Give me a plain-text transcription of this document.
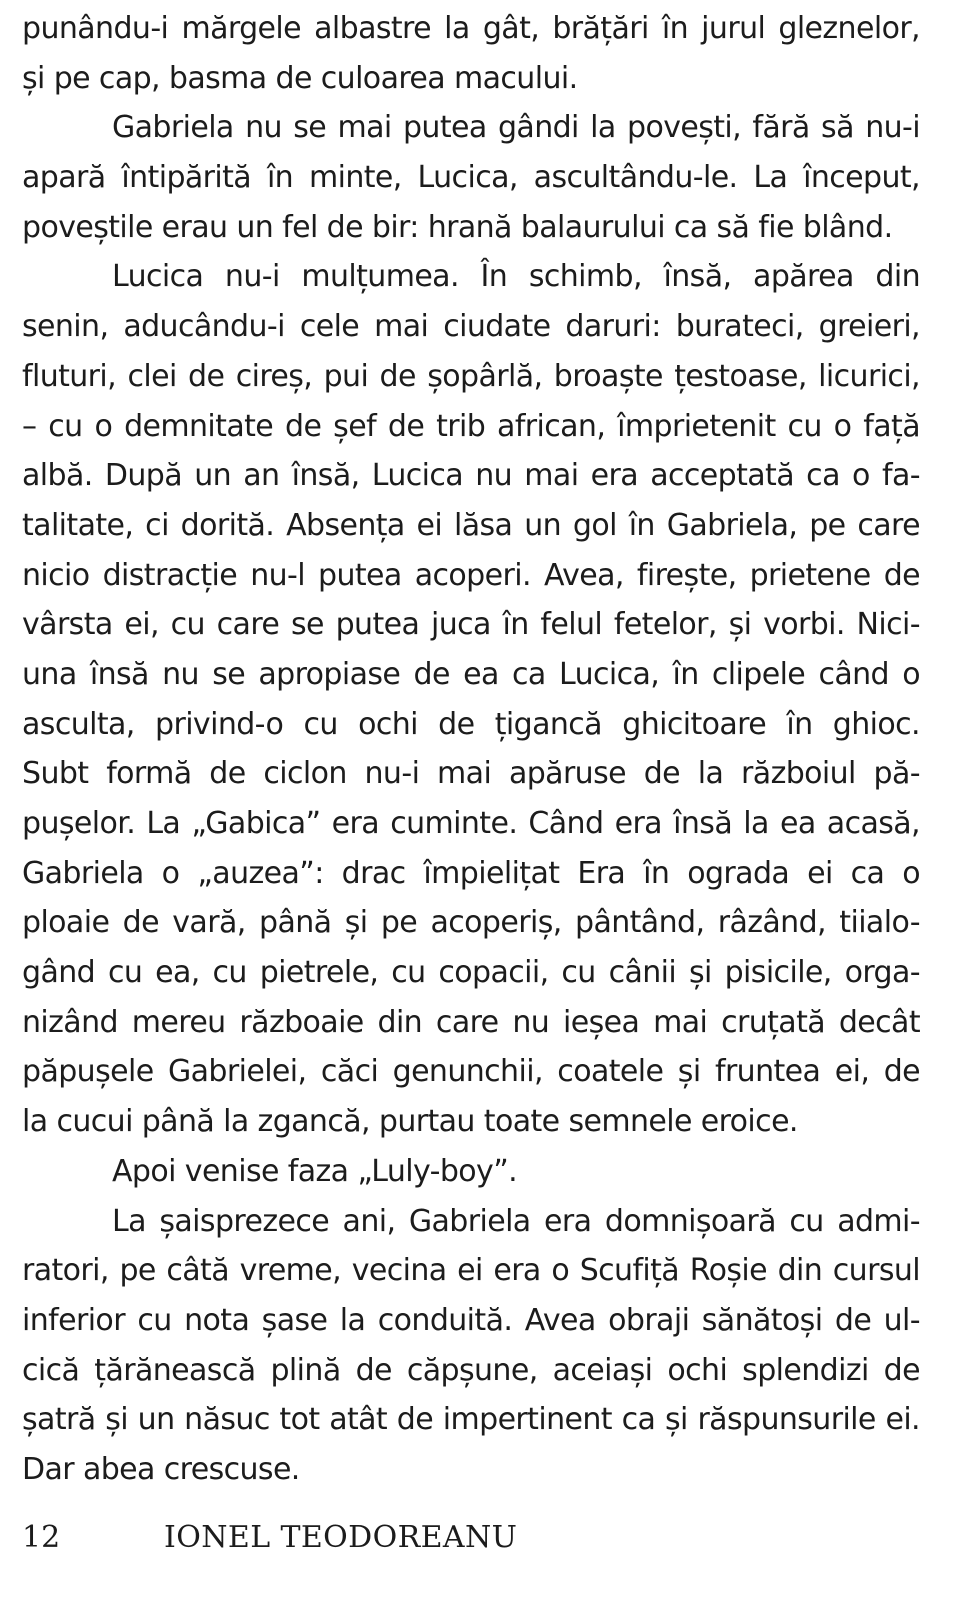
punându-i mărgele albastre la gât, brățări în jurul gleznelor,
și pe cap, basma de culoarea macului.
Gabriela nu se mai putea gândi la povești, fără să nu-i
apară întipărită în minte, Lucica, ascultându-le. La început,
poveștile erau un fel de bir: hrană balaurului ca să fie blând.
Lucica nu-i mulțumea. În schimb, însă, apărea din
senin, aducându-i cele mai ciudate daruri: burateci, greieri,
fluturi, clei de cireș, pui de șopârlă, broaște țestoase, licurici,
– cu o demnitate de șef de trib african, împrietenit cu o față
albă. După un an însă, Lucica nu mai era acceptată ca o fa-
talitate, ci dorită. Absența ei lăsa un gol în Gabriela, pe care
nicio distracție nu-l putea acoperi. Avea, firește, prietene de
vârsta ei, cu care se putea juca în felul fetelor, și vorbi. Nici-
una însă nu se apropiase de ea ca Lucica, în clipele când o
asculta, privind-o cu ochi de țigancă ghicitoare în ghioc.
Subt formă de ciclon nu-i mai apăruse de la războiul pă-
pușelor. La „Gabica” era cuminte. Când era însă la ea acasă,
Gabriela o „auzea”: drac împielițat Era în ograda ei ca o
ploaie de vară, până și pe acoperiș, pântând, râzând, tiialo-
gând cu ea, cu pietrele, cu copacii, cu cânii și pisicile, orga-
nizând mereu războaie din care nu ieșea mai cruțată decât
păpușele Gabrielei, căci genunchii, coatele și fruntea ei, de
la cucui până la zgancă, purtau toate semnele eroice.
Apoi venise faza „Luly-boy”.
La șaisprezece ani, Gabriela era domnișoară cu admi-
ratori, pe câtă vreme, vecina ei era o Scufiță Roșie din cursul
inferior cu nota șase la conduită. Avea obraji sănătoși de ul-
cică țărănească plină de căpșune, aceiași ochi splendizi de
șatră și un năsuc tot atât de impertinent ca și răspunsurile ei.
Dar abea crescuse.
12	IONEL TEODOREANU
